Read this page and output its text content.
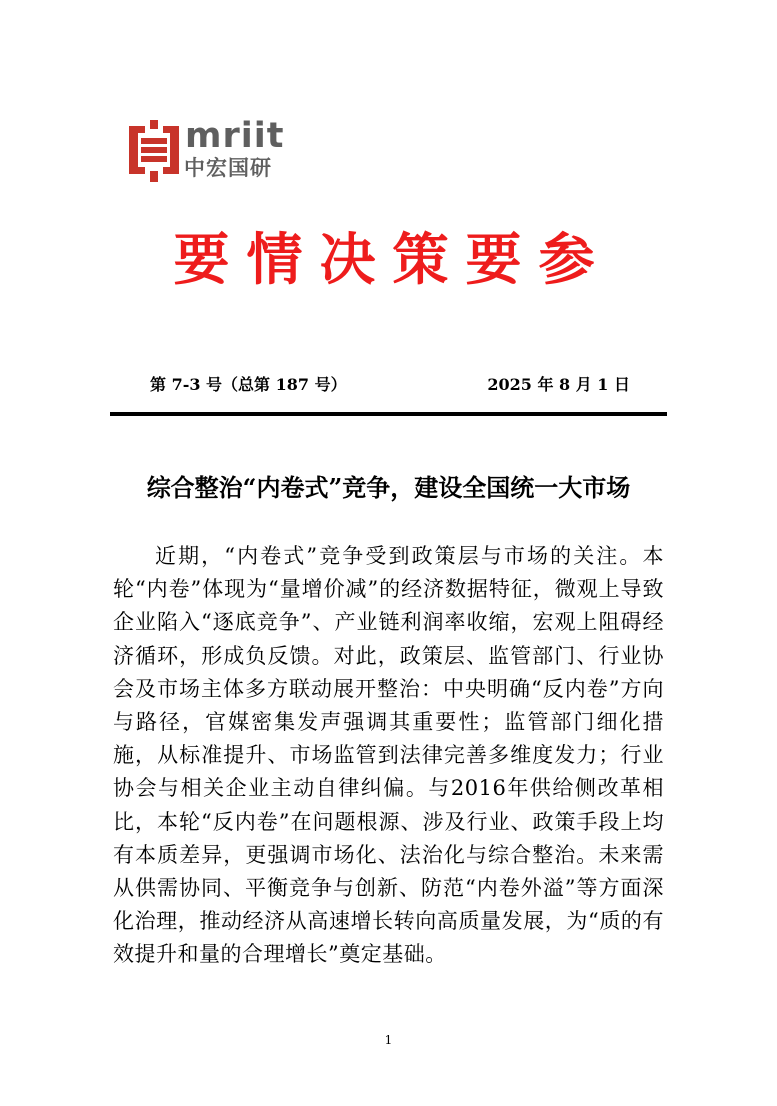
mriit
中宏国研
要情决策要参
第 7-3 号（总第 187 号）	2025 年 8 月 1 日
综合整治“内卷式”竞争，建设全国统一大市场

近期，“内卷式”竞争受到政策层与市场的关注。本轮“内卷”体现为“量增价减”的经济数据特征，微观上导致企业陷入“逐底竞争”、产业链利润率收缩，宏观上阻碍经济循环，形成负反馈。对此，政策层、监管部门、行业协会及市场主体多方联动展开整治：中央明确“反内卷”方向与路径，官媒密集发声强调其重要性；监管部门细化措施，从标准提升、市场监管到法律完善多维度发力；行业协会与相关企业主动自律纠偏。与2016年供给侧改革相比，本轮“反内卷”在问题根源、涉及行业、政策手段上均有本质差异，更强调市场化、法治化与综合整治。未来需从供需协同、平衡竞争与创新、防范“内卷外溢”等方面深化治理，推动经济从高速增长转向高质量发展，为“质的有效提升和量的合理增长”奠定基础。

1
